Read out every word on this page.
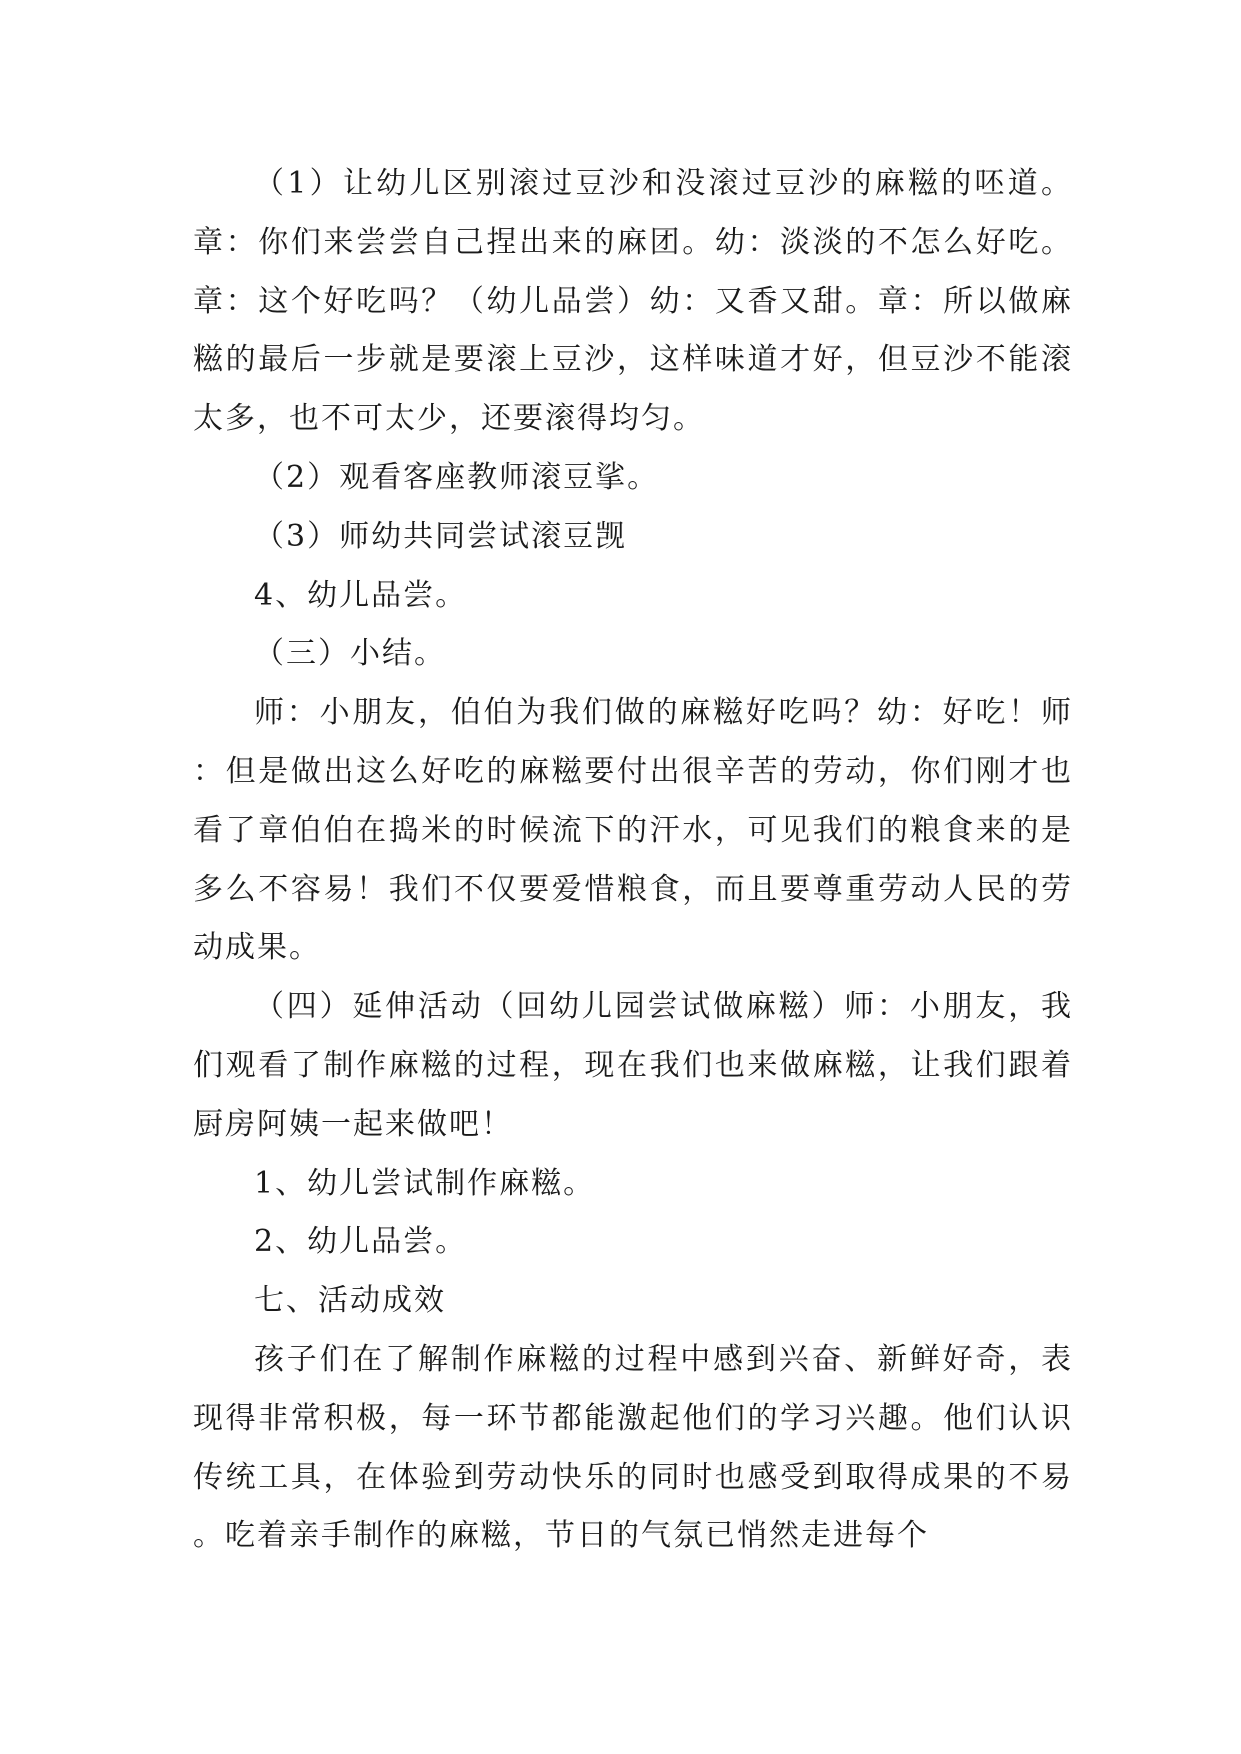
（1）让幼儿区别滚过豆沙和没滚过豆沙的麻糍的呸道。章：你们来尝尝自己捏出来的麻团。幼：淡淡的不怎么好吃。章：这个好吃吗？（幼儿品尝）幼：又香又甜。章：所以做麻糍的最后一步就是要滚上豆沙，这样味道才好，但豆沙不能滚太多，也不可太少，还要滚得均匀。

（2）观看客座教师滚豆挲。

（3）师幼共同尝试滚豆觊

4、幼儿品尝。

（三）小结。

师：小朋友，伯伯为我们做的麻糍好吃吗？幼：好吃！师：但是做出这么好吃的麻糍要付出很辛苦的劳动，你们刚才也看了章伯伯在捣米的时候流下的汗水，可见我们的粮食来的是多么不容易！我们不仅要爱惜粮食，而且要尊重劳动人民的劳动成果。

（四）延伸活动（回幼儿园尝试做麻糍）师：小朋友，我们观看了制作麻糍的过程，现在我们也来做麻糍，让我们跟着厨房阿姨一起来做吧！

1、幼儿尝试制作麻糍。

2、幼儿品尝。

七、活动成效

孩子们在了解制作麻糍的过程中感到兴奋、新鲜好奇，表现得非常积极，每一环节都能激起他们的学习兴趣。他们认识传统工具，在体验到劳动快乐的同时也感受到取得成果的不易。吃着亲手制作的麻糍，节日的气氛已悄然走进每个
